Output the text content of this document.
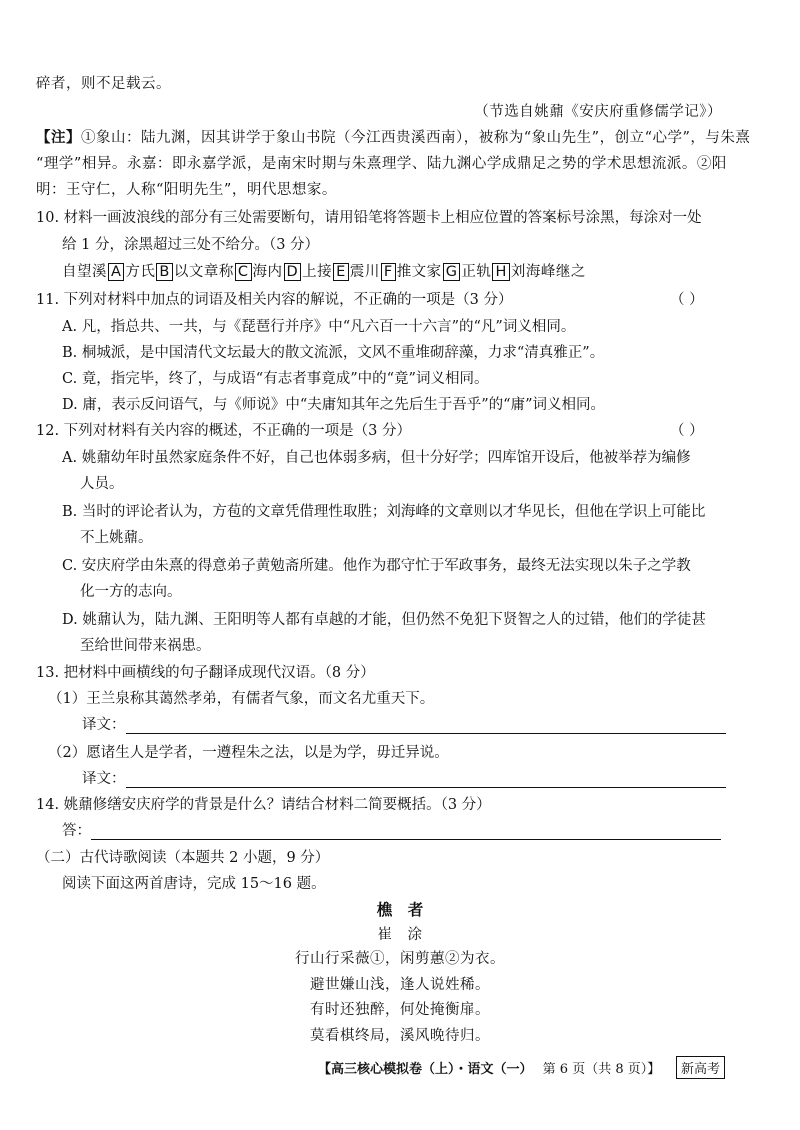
碎者，则不足载云。
（节选自姚鼐《安庆府重修儒学记》）
【注】①象山：陆九渊，因其讲学于象山书院（今江西贵溪西南），被称为“象山先生”，创立“心学”，与朱熹
“理学”相异。永嘉：即永嘉学派，是南宋时期与朱熹理学、陆九渊心学成鼎足之势的学术思想流派。②阳
明：王守仁，人称“阳明先生”，明代思想家。
10. 材料一画波浪线的部分有三处需要断句，请用铅笔将答题卡上相应位置的答案标号涂黑，每涂对一处
给 1 分，涂黑超过三处不给分。（3 分）
自望溪 A 方氏 B 以文章称 C 海内 D 上接 E 震川 F 推文家 G 正轨 H 刘海峰继之
11. 下列对材料中加点的词语及相关内容的解说，不正确的一项是（3 分）	（ ）
A. 凡，指总共、一共，与《琵琶行并序》中“凡六百一十六言”的“凡”词义相同。
B. 桐城派，是中国清代文坛最大的散文流派，文风不重堆砌辞藻，力求“清真雅正”。
C. 竟，指完毕，终了，与成语“有志者事竟成”中的“竟”词义相同。
D. 庸，表示反问语气，与《师说》中“夫庸知其年之先后生于吾乎”的“庸”词义相同。
12. 下列对材料有关内容的概述，不正确的一项是（3 分）	（ ）
A. 姚鼐幼年时虽然家庭条件不好，自己也体弱多病，但十分好学；四库馆开设后，他被举荐为编修
人员。
B. 当时的评论者认为，方苞的文章凭借理性取胜；刘海峰的文章则以才华见长，但他在学识上可能比
不上姚鼐。
C. 安庆府学由朱熹的得意弟子黄勉斋所建。他作为郡守忙于军政事务，最终无法实现以朱子之学教
化一方的志向。
D. 姚鼐认为，陆九渊、王阳明等人都有卓越的才能，但仍然不免犯下贤智之人的过错，他们的学徒甚
至给世间带来祸患。
13. 把材料中画横线的句子翻译成现代汉语。（8 分）
（1）王兰泉称其蔼然孝弟，有儒者气象，而文名尤重天下。
译文：
（2）愿诸生人是学者，一遵程朱之法，以是为学，毋迁异说。
译文：
14. 姚鼐修缮安庆府学的背景是什么？请结合材料二简要概括。（3 分）
答：
（二）古代诗歌阅读（本题共 2 小题，9 分）
阅读下面这两首唐诗，完成 15～16 题。
樵　者
崔　涂
行山行采薇①，闲剪蕙②为衣。
避世嫌山浅，逢人说姓稀。
有时还独醉，何处掩衡扉。
莫看棋终局，溪风晚待归。
【高三核心模拟卷（上）・语文（一） 第 6 页（共 8 页）】	新高考
